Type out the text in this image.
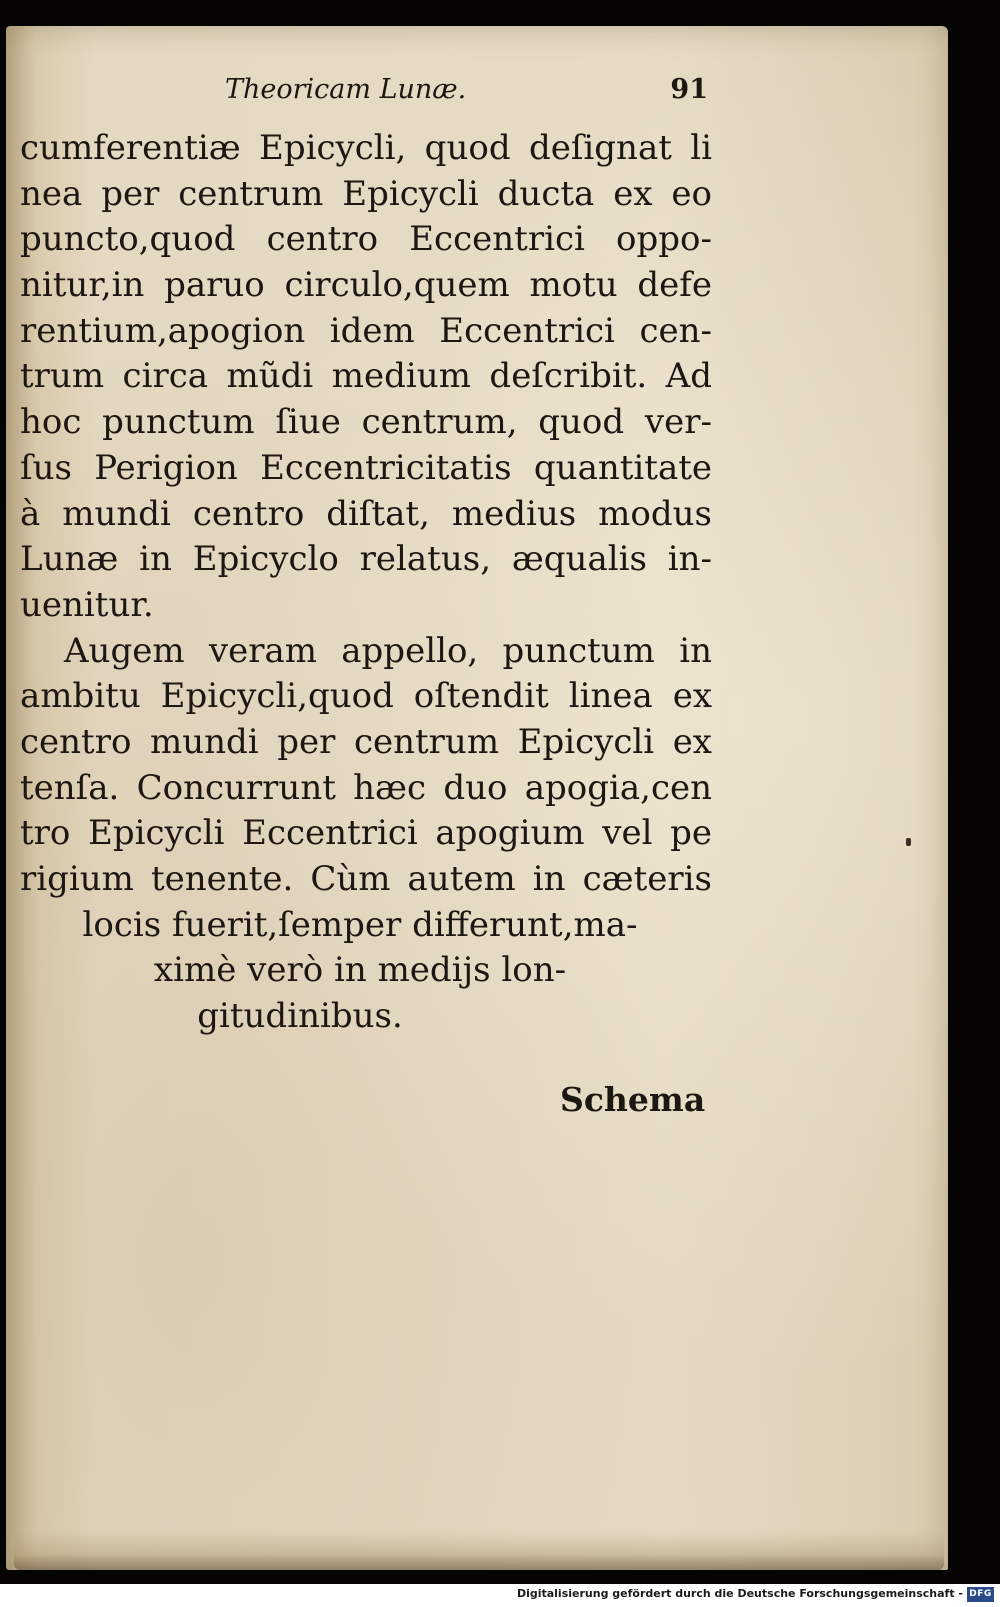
Theoricam Lunæ.	91
cumferentiæ Epicycli, quod deſignat li
nea per centrum Epicycli ducta ex eo
puncto,quod centro Eccentrici oppo-
nitur,in paruo circulo,quem motu defe
rentium,apogion idem Eccentrici cen-
trum circa mũdi medium deſcribit. Ad
hoc punctum ſiue centrum, quod ver-
ſus Perigion Eccentricitatis quantitate
à mundi centro diſtat, medius modus
Lunæ in Epicyclo relatus, æqualis in-
uenitur.
Augem veram appello, punctum in
ambitu Epicycli,quod oſtendit linea ex
centro mundi per centrum Epicycli ex
tenſa. Concurrunt hæc duo apogia,cen
tro Epicycli Eccentrici apogium vel pe
rigium tenente. Cùm autem in cæteris
locis fuerit,ſemper differunt,ma-
ximè verò in medijs lon-
gitudinibus.
Schema
Digitalisierung gefördert durch die Deutsche Forschungsgemeinschaft - DFG
